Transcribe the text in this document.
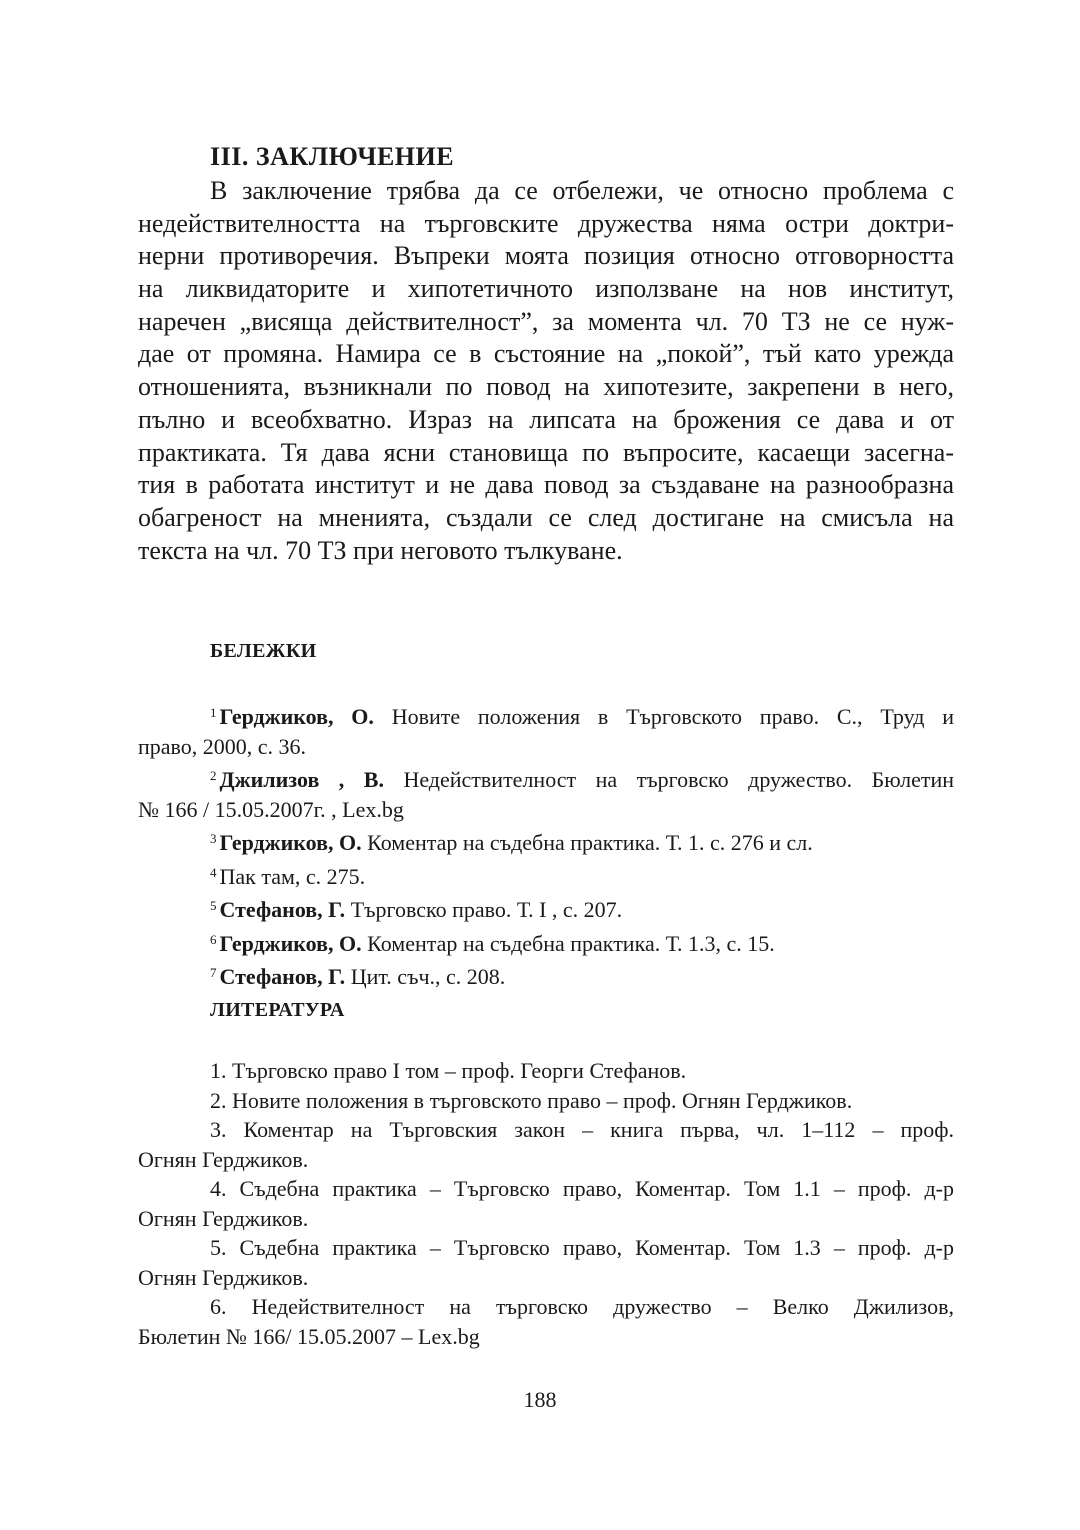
III. ЗАКЛЮЧЕНИЕ
В заключение трябва да се отбележи, че относно проблема с
недействителността на търговските дружества няма остри доктри-
нерни противоречия. Въпреки моята позиция относно отговорността
на ликвидаторите и хипотетичното използване на нов институт,
наречен „висяща действителност”, за момента чл. 70 ТЗ не се нуж-
дае от промяна. Намира се в състояние на „покой”, тъй като урежда
отношенията, възникнали по повод на хипотезите, закрепени в него,
пълно и всеобхватно. Израз на липсата на брожения се дава и от
практиката. Тя дава ясни становища по въпросите, касаещи засегна-
тия в работата институт и не дава повод за създаване на разнообразна
обагреност на мненията, създали се след достигане на смисъла на
текста на чл. 70 ТЗ при неговото тълкуване.
БЕЛЕЖКИ
$^1$ Герджиков, О. Новите положения в Търговското право. С., Труд и
право, 2000, с. 36.
$^2$ Джилизов , В. Недействителност на търговско дружество. Бюлетин
№ 166 / 15.05.2007г. , Lex.bg
$^3$ Герджиков, О. Коментар на съдебна практика. Т. 1. с. 276 и сл.
$^4$ Пак там, с. 275.
$^5$ Стефанов, Г. Търговско право. Т. I , с. 207.
$^6$ Герджиков, О. Коментар на съдебна практика. Т. 1.3, с. 15.
$^7$ Стефанов, Г. Цит. съч., с. 208.
ЛИТЕРАТУРА
1. Търговско право I том – проф. Георги Стефанов.
2. Новите положения в търговското право – проф. Огнян Герджиков.
3. Коментар на Търговския закон – книга първа, чл. 1–112 – проф.
Огнян Герджиков.
4. Съдебна практика – Търговско право, Коментар. Том 1.1 – проф. д-р
Огнян Герджиков.
5. Съдебна практика – Търговско право, Коментар. Том 1.3 – проф. д-р
Огнян Герджиков.
6. Недействителност на търговско дружество – Велко Джилизов,
Бюлетин № 166/ 15.05.2007 – Lex.bg
188
